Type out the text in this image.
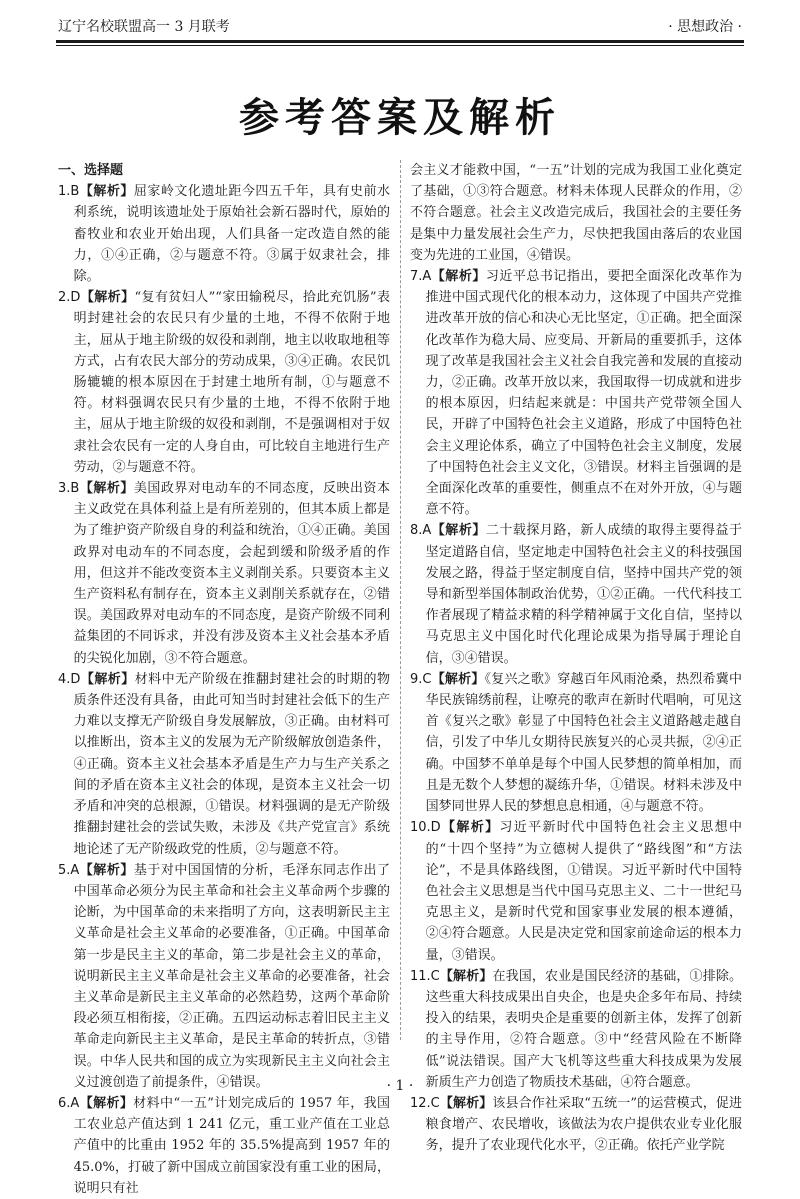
辽宁名校联盟高一 3 月联考	· 思想政治 ·
参考答案及解析

一、选择题

1.B【解析】屈家岭文化遗址距今四五千年，具有史前水利系统，说明该遗址处于原始社会新石器时代，原始的畜牧业和农业开始出现，人们具备一定改造自然的能力，①④正确，②与题意不符。③属于奴隶社会，排除。

2.D【解析】“复有贫妇人”“家田输税尽，拾此充饥肠”表明封建社会的农民只有少量的土地，不得不依附于地主，屈从于地主阶级的奴役和剥削，地主以收取地租等方式，占有农民大部分的劳动成果，③④正确。农民饥肠辘辘的根本原因在于封建土地所有制，①与题意不符。材料强调农民只有少量的土地，不得不依附于地主，屈从于地主阶级的奴役和剥削，不是强调相对于奴隶社会农民有一定的人身自由，可比较自主地进行生产劳动，②与题意不符。

3.B【解析】美国政界对电动车的不同态度，反映出资本主义政党在具体利益上是有所差别的，但其本质上都是为了维护资产阶级自身的利益和统治，①④正确。美国政界对电动车的不同态度，会起到缓和阶级矛盾的作用，但这并不能改变资本主义剥削关系。只要资本主义生产资料私有制存在，资本主义剥削关系就存在，②错误。美国政界对电动车的不同态度，是资产阶级不同利益集团的不同诉求，并没有涉及资本主义社会基本矛盾的尖锐化加剧，③不符合题意。

4.D【解析】材料中无产阶级在推翻封建社会的时期的物质条件还没有具备，由此可知当时封建社会低下的生产力难以支撑无产阶级自身发展解放，③正确。由材料可以推断出，资本主义的发展为无产阶级解放创造条件，④正确。资本主义社会基本矛盾是生产力与生产关系之间的矛盾在资本主义社会的体现，是资本主义社会一切矛盾和冲突的总根源，①错误。材料强调的是无产阶级推翻封建社会的尝试失败，未涉及《共产党宣言》系统地论述了无产阶级政党的性质，②与题意不符。

5.A【解析】基于对中国国情的分析，毛泽东同志作出了中国革命必须分为民主革命和社会主义革命两个步骤的论断，为中国革命的未来指明了方向，这表明新民主主义革命是社会主义革命的必要准备，①正确。中国革命第一步是民主主义的革命，第二步是社会主义的革命，说明新民主主义革命是社会主义革命的必要准备，社会主义革命是新民主主义革命的必然趋势，这两个革命阶段必须互相衔接，②正确。五四运动标志着旧民主主义革命走向新民主主义革命，是民主革命的转折点，③错误。中华人民共和国的成立为实现新民主主义向社会主义过渡创造了前提条件，④错误。

6.A【解析】材料中“一五”计划完成后的 1957 年，我国工农业总产值达到 1 241 亿元，重工业产值在工业总产值中的比重由 1952 年的 35.5%提高到 1957 年的 45.0%，打破了新中国成立前国家没有重工业的困局，说明只有社

会主义才能救中国，“一五”计划的完成为我国工业化奠定了基础，①③符合题意。材料未体现人民群众的作用，②不符合题意。社会主义改造完成后，我国社会的主要任务是集中力量发展社会生产力，尽快把我国由落后的农业国变为先进的工业国，④错误。

7.A【解析】习近平总书记指出，要把全面深化改革作为推进中国式现代化的根本动力，这体现了中国共产党推进改革开放的信心和决心无比坚定，①正确。把全面深化改革作为稳大局、应变局、开新局的重要抓手，这体现了改革是我国社会主义社会自我完善和发展的直接动力，②正确。改革开放以来，我国取得一切成就和进步的根本原因，归结起来就是：中国共产党带领全国人民，开辟了中国特色社会主义道路，形成了中国特色社会主义理论体系，确立了中国特色社会主义制度，发展了中国特色社会主义文化，③错误。材料主旨强调的是全面深化改革的重要性，侧重点不在对外开放，④与题意不符。

8.A【解析】二十载探月路，新人成绩的取得主要得益于坚定道路自信，坚定地走中国特色社会主义的科技强国发展之路，得益于坚定制度自信，坚持中国共产党的领导和新型举国体制政治优势，①②正确。一代代科技工作者展现了精益求精的科学精神属于文化自信，坚持以马克思主义中国化时代化理论成果为指导属于理论自信，③④错误。

9.C【解析】《复兴之歌》穿越百年风雨沧桑，热烈希冀中华民族锦绣前程，让嘹亮的歌声在新时代唱响，可见这首《复兴之歌》彰显了中国特色社会主义道路越走越自信，引发了中华儿女期待民族复兴的心灵共振，②④正确。中国梦不单单是每个中国人民梦想的简单相加，而且是无数个人梦想的凝练升华，①错误。材料未涉及中国梦同世界人民的梦想息息相通，④与题意不符。

10.D【解析】习近平新时代中国特色社会主义思想中的“十四个坚持”为立德树人提供了“路线图”和“方法论”，不是具体路线图，①错误。习近平新时代中国特色社会主义思想是当代中国马克思主义、二十一世纪马克思主义，是新时代党和国家事业发展的根本遵循，②④符合题意。人民是决定党和国家前途命运的根本力量，③错误。

11.C【解析】在我国，农业是国民经济的基础，①排除。这些重大科技成果出自央企，也是央企多年布局、持续投入的结果，表明央企是重要的创新主体，发挥了创新的主导作用，②符合题意。③中“经营风险在不断降低”说法错误。国产大飞机等这些重大科技成果为发展新质生产力创造了物质技术基础，④符合题意。

12.C【解析】该县合作社采取“五统一”的运营模式，促进粮食增产、农民增收，该做法为农户提供农业专业化服务，提升了农业现代化水平，②正确。依托产业学院

· 1 ·
